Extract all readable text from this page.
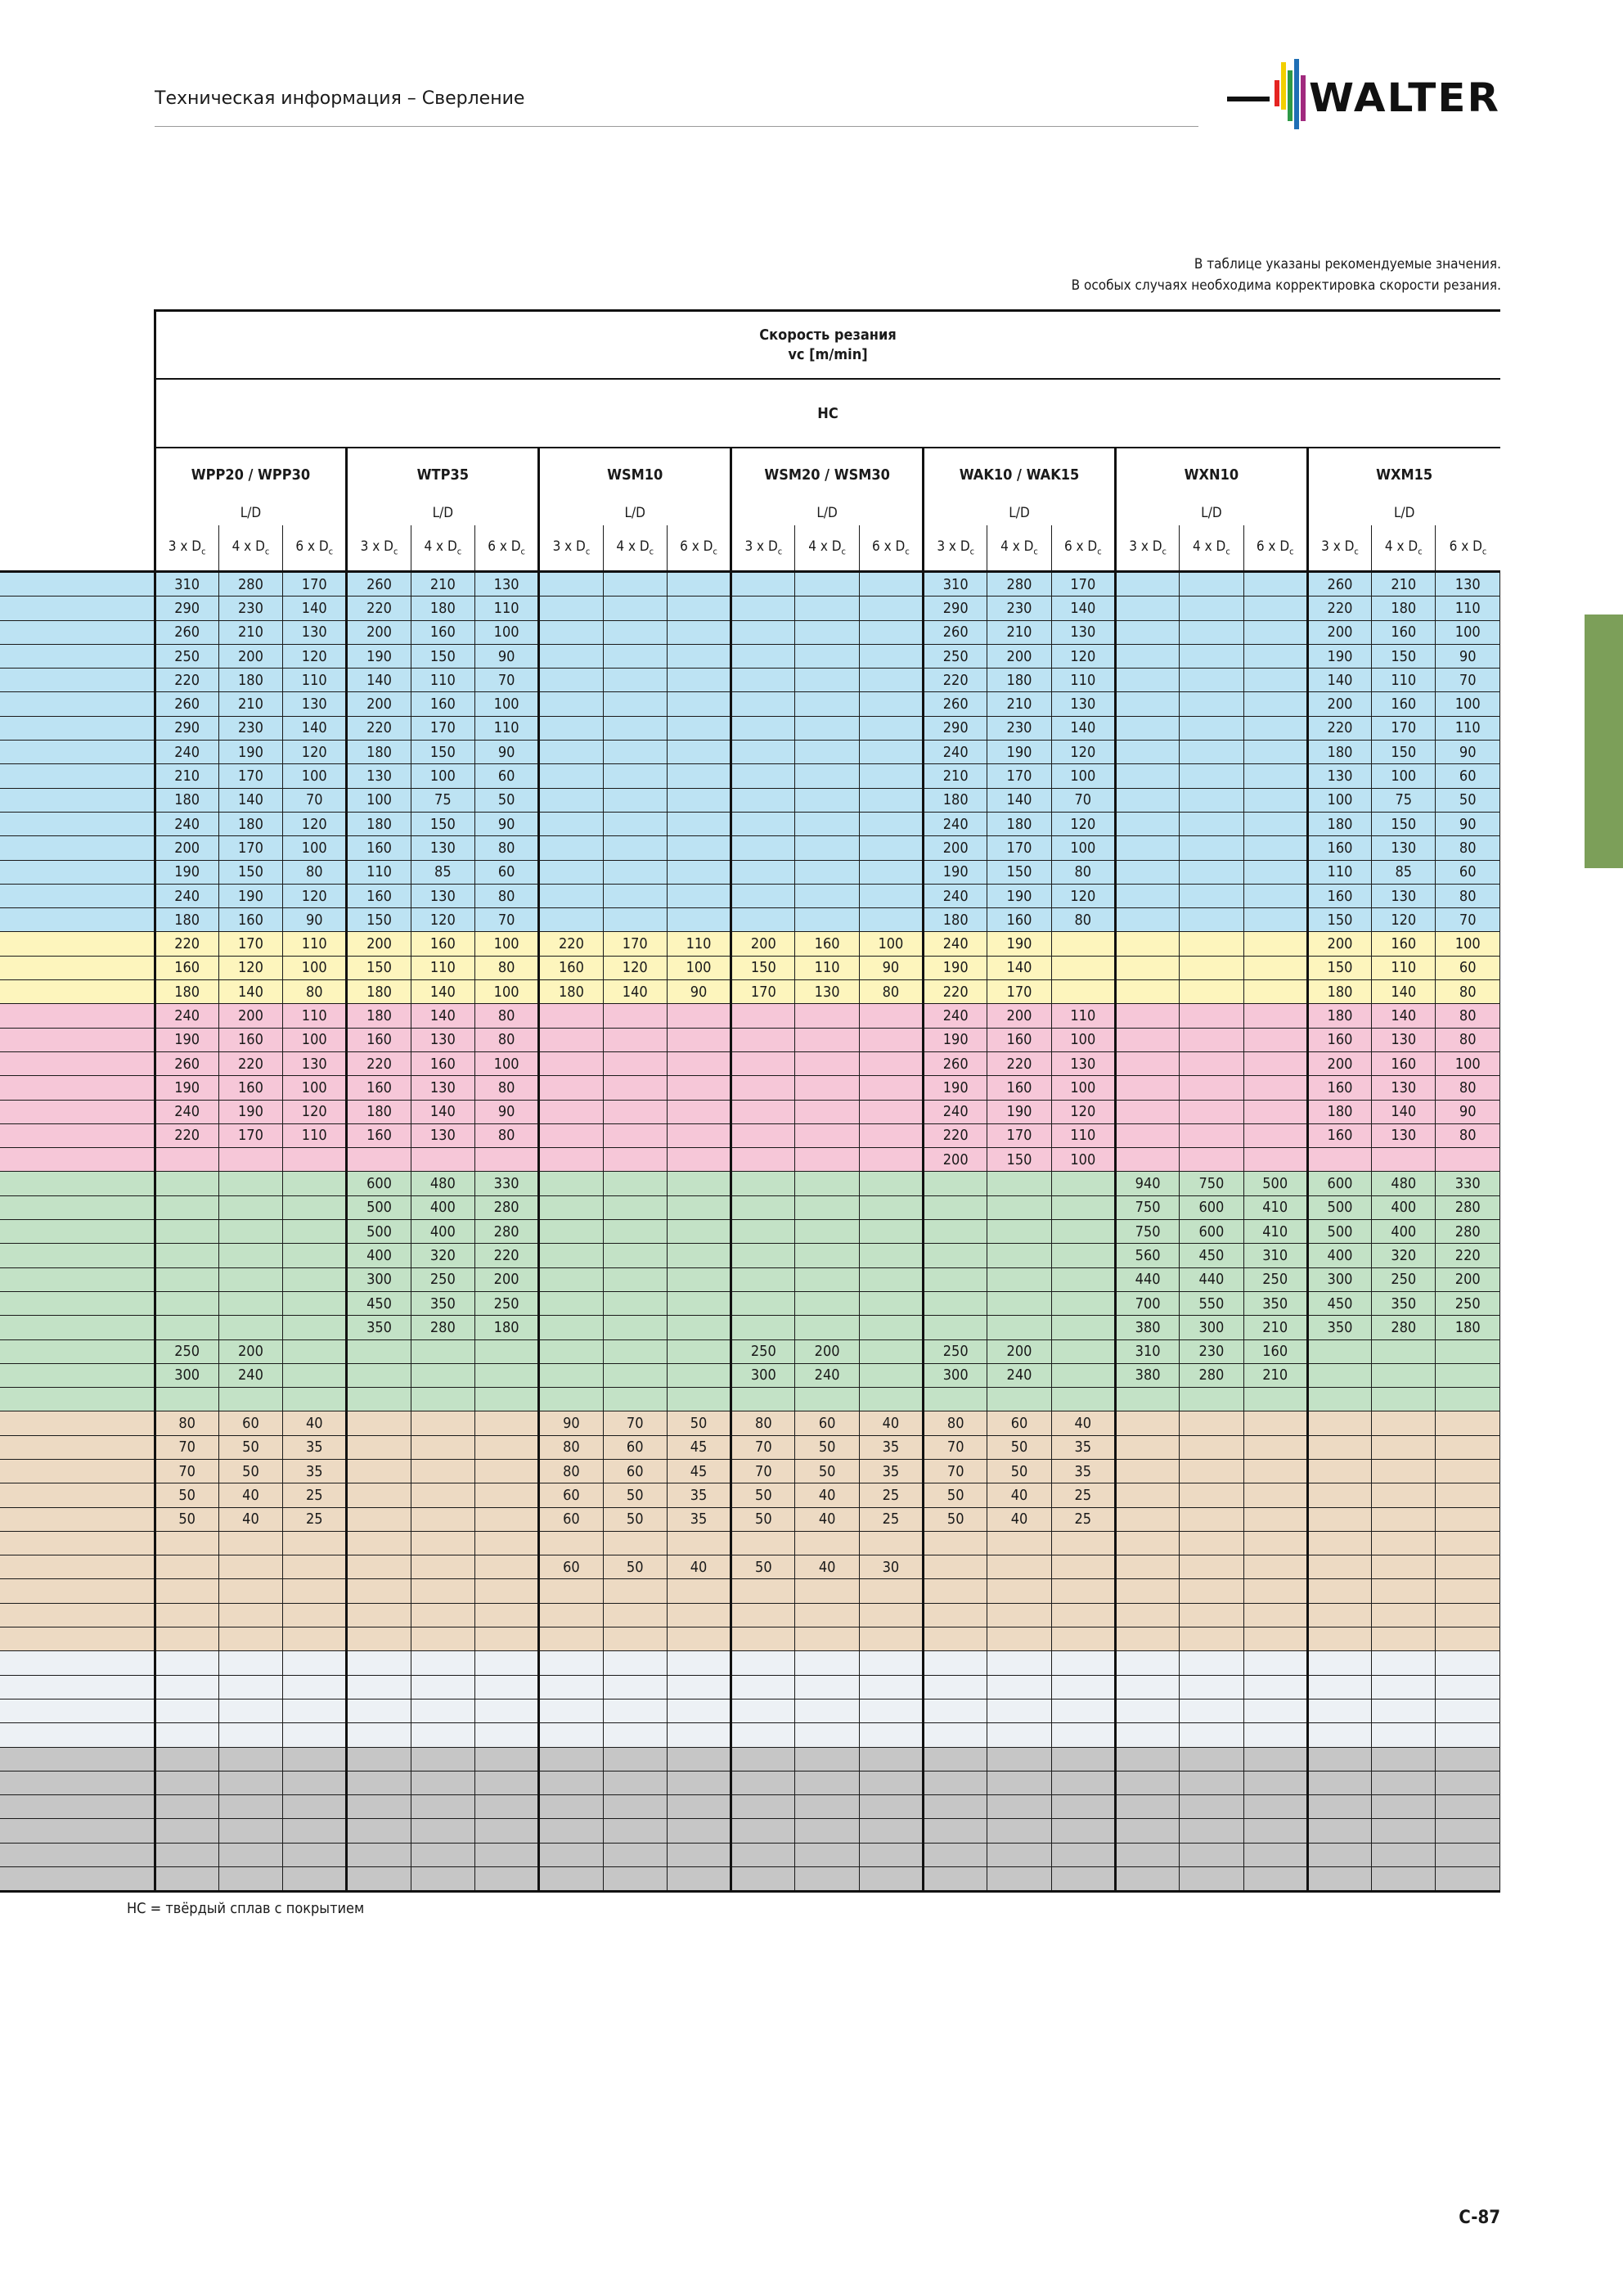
Техническая информация – Сверление	WALTER
В таблице указаны рекомендуемые значения.
В особых случаях необходима корректировка скорости резания.

	Скорость резания
vc [m/min]																				

	HC																				
	WPP20 / WPP30			WTP35			WSM10			WSM20 / WSM30			WAK10 / WAK15			WXN10			WXM15		
	L/D			L/D			L/D			L/D			L/D			L/D			L/D		
	3 x $D_c$	4 x $D_c$	6 x $D_c$	3 x $D_c$	4 x $D_c$	6 x $D_c$	3 x $D_c$	4 x $D_c$	6 x $D_c$	3 x $D_c$	4 x $D_c$	6 x $D_c$	3 x $D_c$	4 x $D_c$	6 x $D_c$	3 x $D_c$	4 x $D_c$	6 x $D_c$	3 x $D_c$	4 x $D_c$	6 x $D_c$
	310	280	170	260	210	130							310	280	170				260	210	130
	290	230	140	220	180	110							290	230	140				220	180	110
	260	210	130	200	160	100							260	210	130				200	160	100
	250	200	120	190	150	90							250	200	120				190	150	90
	220	180	110	140	110	70							220	180	110				140	110	70
	260	210	130	200	160	100							260	210	130				200	160	100
	290	230	140	220	170	110							290	230	140				220	170	110
	240	190	120	180	150	90							240	190	120				180	150	90
	210	170	100	130	100	60							210	170	100				130	100	60
	180	140	70	100	75	50							180	140	70				100	75	50
	240	180	120	180	150	90							240	180	120				180	150	90
	200	170	100	160	130	80							200	170	100				160	130	80
	190	150	80	110	85	60							190	150	80				110	85	60
	240	190	120	160	130	80							240	190	120				160	130	80
	180	160	90	150	120	70							180	160	80				150	120	70
	220	170	110	200	160	100	220	170	110	200	160	100	240	190					200	160	100
	160	120	100	150	110	80	160	120	100	150	110	90	190	140					150	110	60
	180	140	80	180	140	100	180	140	90	170	130	80	220	170					180	140	80
	240	200	110	180	140	80							240	200	110				180	140	80
	190	160	100	160	130	80							190	160	100				160	130	80
	260	220	130	220	160	100							260	220	130				200	160	100
	190	160	100	160	130	80							190	160	100				160	130	80
	240	190	120	180	140	90							240	190	120				180	140	90
	220	170	110	160	130	80							220	170	110				160	130	80
													200	150	100						
				600	480	330										940	750	500	600	480	330
				500	400	280										750	600	410	500	400	280
				500	400	280										750	600	410	500	400	280
				400	320	220										560	450	310	400	320	220
				300	250	200										440	440	250	300	250	200
				450	350	250										700	550	350	450	350	250
				350	280	180										380	300	210	350	280	180
	250	200								250	200		250	200		310	230	160			
	300	240								300	240		300	240		380	280	210			

	80	60	40				90	70	50	80	60	40	80	60	40						
	70	50	35				80	60	45	70	50	35	70	50	35						
	70	50	35				80	60	45	70	50	35	70	50	35						
	50	40	25				60	50	35	50	40	25	50	40	25						
	50	40	25				60	50	35	50	40	25	50	40	25						

							60	50	40	50	40	30									

HC = твёрдый сплав с покрытием
C-87
